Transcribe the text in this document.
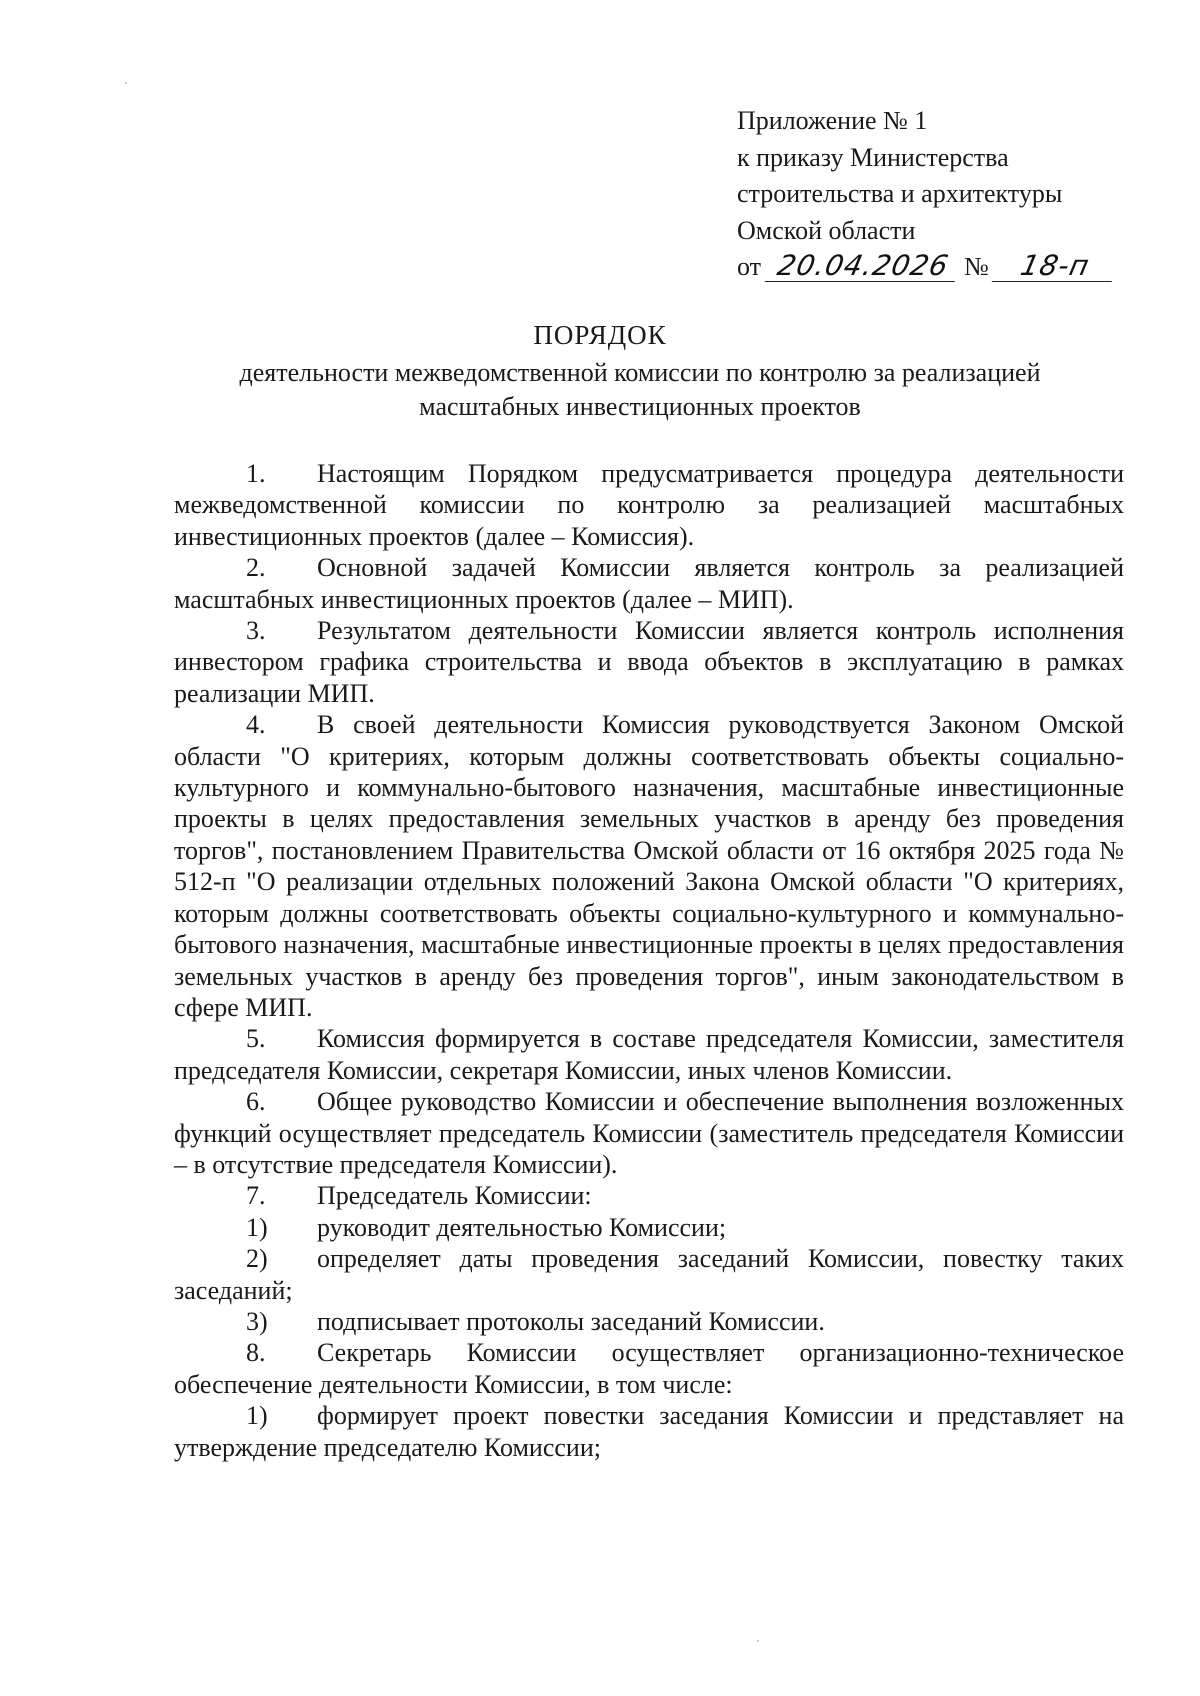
Приложение № 1
к приказу Министерства
строительства и архитектуры
Омской области
от 20.04.2026 № 18-п
ПОРЯДОК
деятельности межведомственной комиссии по контролю за реализацией
масштабных инвестиционных проектов

1. Настоящим Порядком предусматривается процедура деятельности межведомственной комиссии по контролю за реализацией масштабных инвестиционных проектов (далее – Комиссия).

2. Основной задачей Комиссии является контроль за реализацией масштабных инвестиционных проектов (далее – МИП).

3. Результатом деятельности Комиссии является контроль исполнения инвестором графика строительства и ввода объектов в эксплуатацию в рамках реализации МИП.

4. В своей деятельности Комиссия руководствуется Законом Омской области "О критериях, которым должны соответствовать объекты социально-культурного и коммунально-бытового назначения, масштабные инвестиционные проекты в целях предоставления земельных участков в аренду без проведения торгов", постановлением Правительства Омской области от 16 октября 2025 года № 512-п "О реализации отдельных положений Закона Омской области "О критериях, которым должны соответствовать объекты социально-культурного и коммунально-бытового назначения, масштабные инвестиционные проекты в целях предоставления земельных участков в аренду без проведения торгов", иным законодательством в сфере МИП.

5. Комиссия формируется в составе председателя Комиссии, заместителя председателя Комиссии, секретаря Комиссии, иных членов Комиссии.

6. Общее руководство Комиссии и обеспечение выполнения возложенных функций осуществляет председатель Комиссии (заместитель председателя Комиссии – в отсутствие председателя Комиссии).

7. Председатель Комиссии:

1) руководит деятельностью Комиссии;

2) определяет даты проведения заседаний Комиссии, повестку таких заседаний;

3) подписывает протоколы заседаний Комиссии.

8. Секретарь Комиссии осуществляет организационно-техническое обеспечение деятельности Комиссии, в том числе:

1) формирует проект повестки заседания Комиссии и представляет на утверждение председателю Комиссии;
